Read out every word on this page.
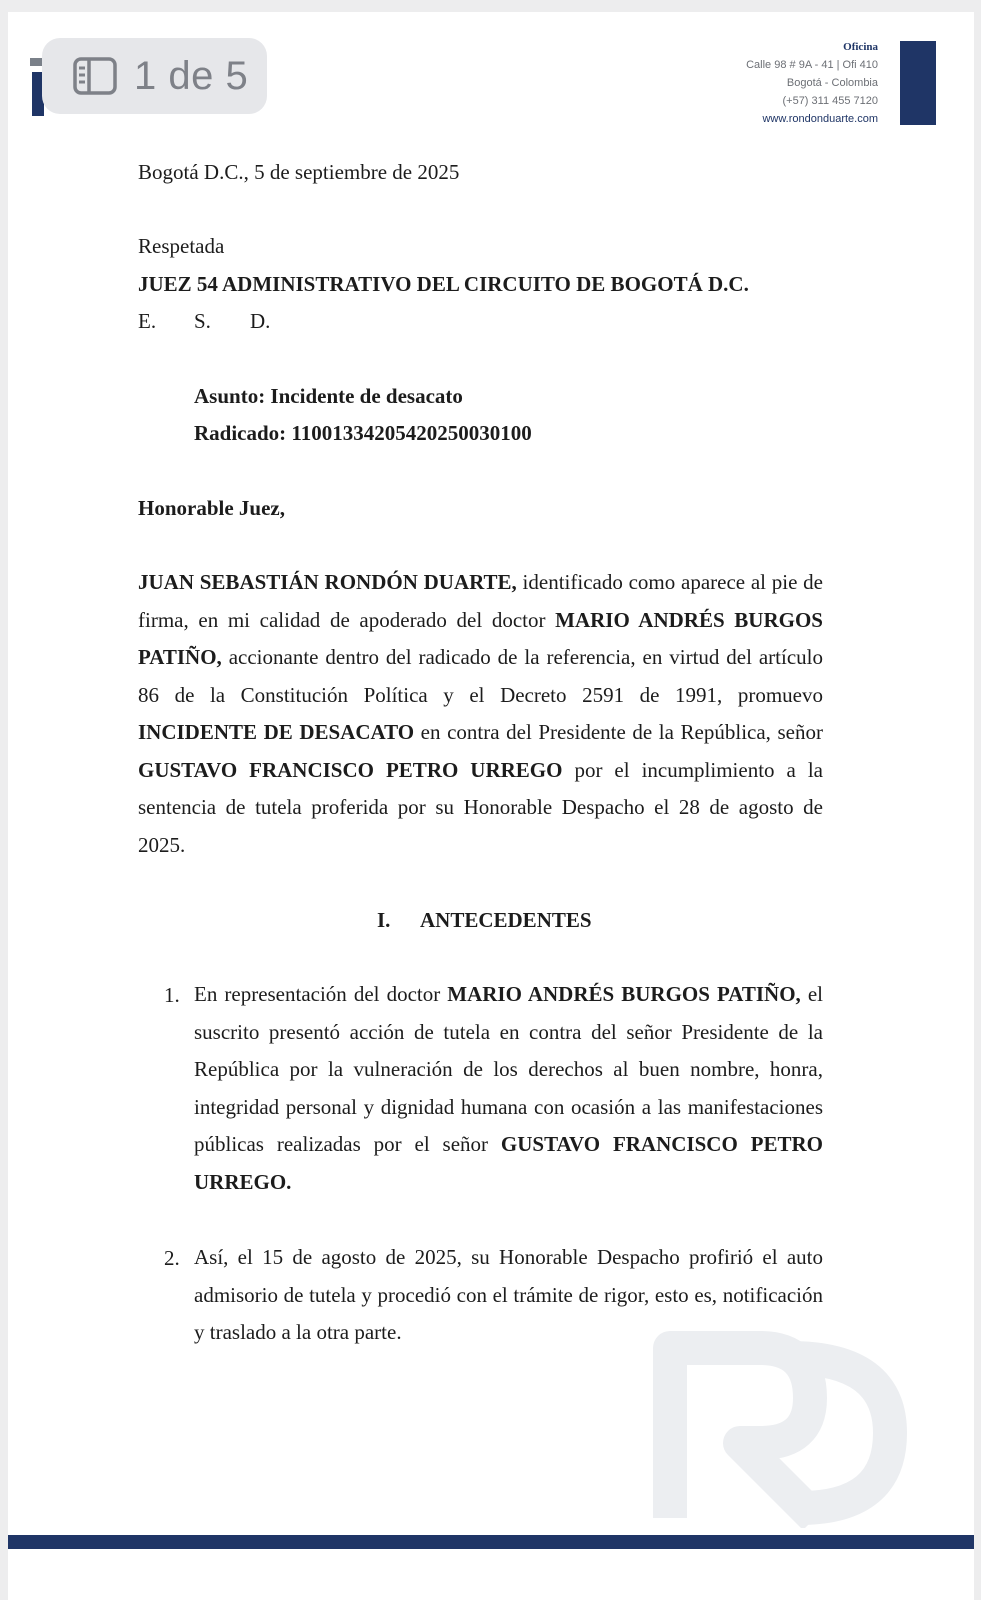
Oficina
Calle 98 # 9A - 41 | Ofi 410
Bogotá - Colombia
(+57) 311 455 7120
www.rondonduarte.com
Bogotá D.C., 5 de septiembre de 2025
Respetada
JUEZ 54 ADMINISTRATIVO DEL CIRCUITO DE BOGOTÁ D.C.
E. S. D.
Asunto: Incidente de desacato
Radicado: 11001334205420250030100
Honorable Juez,
JUAN SEBASTIÁN RONDÓN DUARTE, identificado como aparece al pie de firma, en mi calidad de apoderado del doctor MARIO ANDRÉS BURGOS PATIÑO, accionante dentro del radicado de la referencia, en virtud del artículo 86 de la Constitución Política y el Decreto 2591 de 1991, promuevo INCIDENTE DE DESACATO en contra del Presidente de la República, señor GUSTAVO FRANCISCO PETRO URREGO por el incumplimiento a la sentencia de tutela proferida por su Honorable Despacho el 28 de agosto de 2025.
I. ANTECEDENTES
1. En representación del doctor MARIO ANDRÉS BURGOS PATIÑO, el suscrito presentó acción de tutela en contra del señor Presidente de la República por la vulneración de los derechos al buen nombre, honra, integridad personal y dignidad humana con ocasión a las manifestaciones públicas realizadas por el señor GUSTAVO FRANCISCO PETRO URREGO.
2. Así, el 15 de agosto de 2025, su Honorable Despacho profirió el auto admisorio de tutela y procedió con el trámite de rigor, esto es, notificación y traslado a la otra parte.
1 de 5
